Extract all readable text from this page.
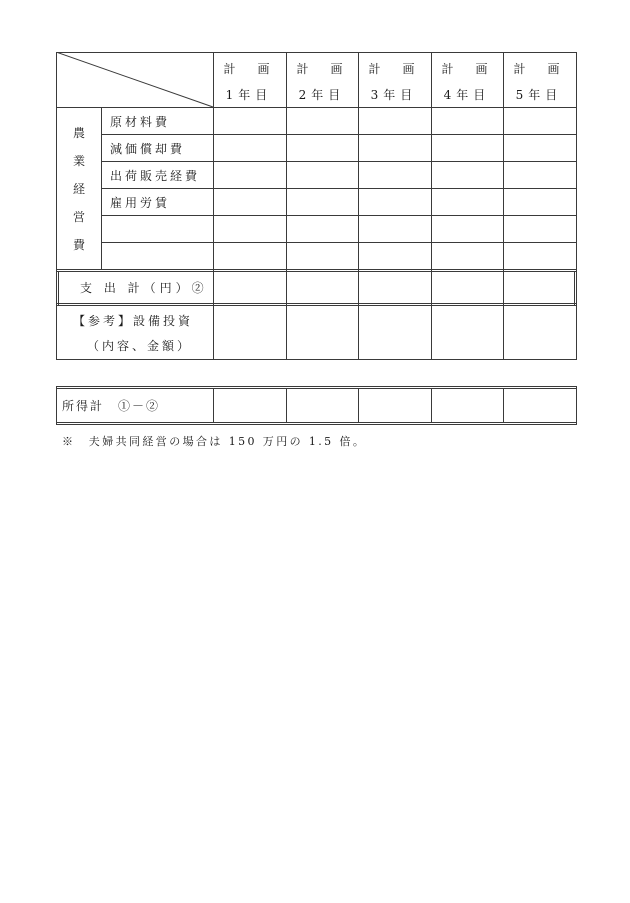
計　画
1年目
計　画
2年目
計　画
3年目
計　画
4年目
計　画
5年目
農
業
経
営
費
原材料費
減価償却費
出荷販売経費
雇用労賃
支 出 計（円）②
【参考】設備投資
（内容、金額）
所得計　①－②
※　夫婦共同経営の場合は 150 万円の 1.5 倍。
